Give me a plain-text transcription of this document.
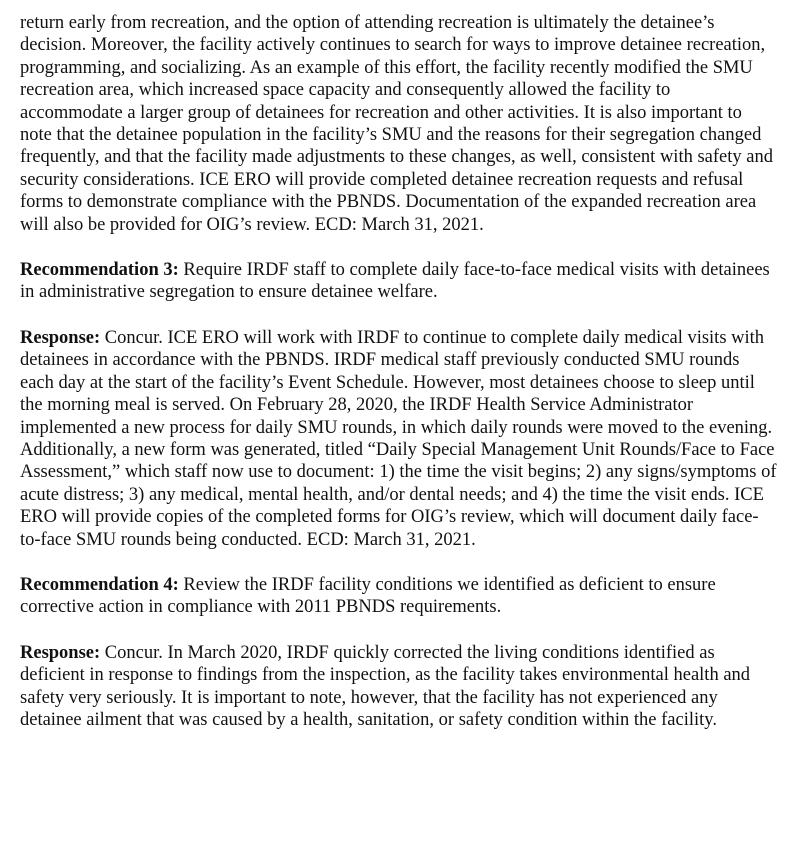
return early from recreation, and the option of attending recreation is ultimately the detainee’s decision. Moreover, the facility actively continues to search for ways to improve detainee recreation, programming, and socializing. As an example of this effort, the facility recently modified the SMU recreation area, which increased space capacity and consequently allowed the facility to accommodate a larger group of detainees for recreation and other activities. It is also important to note that the detainee population in the facility’s SMU and the reasons for their segregation changed frequently, and that the facility made adjustments to these changes, as well, consistent with safety and security considerations. ICE ERO will provide completed detainee recreation requests and refusal forms to demonstrate compliance with the PBNDS. Documentation of the expanded recreation area will also be provided for OIG’s review. ECD: March 31, 2021.

Recommendation 3: Require IRDF staff to complete daily face-to-face medical visits with detainees in administrative segregation to ensure detainee welfare.

Response: Concur. ICE ERO will work with IRDF to continue to complete daily medical visits with detainees in accordance with the PBNDS. IRDF medical staff previously conducted SMU rounds each day at the start of the facility’s Event Schedule. However, most detainees choose to sleep until the morning meal is served. On February 28, 2020, the IRDF Health Service Administrator implemented a new process for daily SMU rounds, in which daily rounds were moved to the evening. Additionally, a new form was generated, titled “Daily Special Management Unit Rounds/Face to Face Assessment,” which staff now use to document: 1) the time the visit begins; 2) any signs/symptoms of acute distress; 3) any medical, mental health, and/or dental needs; and 4) the time the visit ends. ICE ERO will provide copies of the completed forms for OIG’s review, which will document daily face-to-face SMU rounds being conducted. ECD: March 31, 2021.

Recommendation 4: Review the IRDF facility conditions we identified as deficient to ensure corrective action in compliance with 2011 PBNDS requirements.

Response: Concur. In March 2020, IRDF quickly corrected the living conditions identified as deficient in response to findings from the inspection, as the facility takes environmental health and safety very seriously. It is important to note, however, that the facility has not experienced any detainee ailment that was caused by a health, sanitation, or safety condition within the facility.
